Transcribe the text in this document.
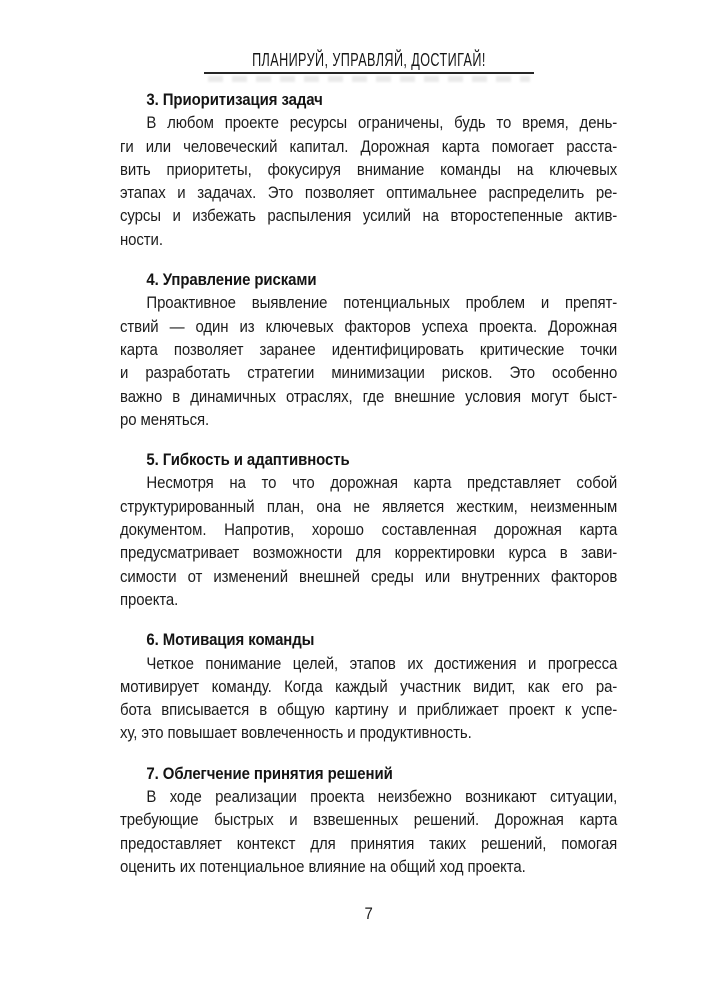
ПЛАНИРУЙ, УПРАВЛЯЙ, ДОСТИГАЙ!
3. Приоритизация задач
В любом проекте ресурсы ограничены, будь то время, день-
ги или человеческий капитал. Дорожная карта помогает расста-
вить приоритеты, фокусируя внимание команды на ключевых
этапах и задачах. Это позволяет оптимальнее распределить ре-
сурсы и избежать распыления усилий на второстепенные актив-
ности.
4. Управление рисками
Проактивное выявление потенциальных проблем и препят-
ствий — один из ключевых факторов успеха проекта. Дорожная
карта позволяет заранее идентифицировать критические точки
и разработать стратегии минимизации рисков. Это особенно
важно в динамичных отраслях, где внешние условия могут быст-
ро меняться.
5. Гибкость и адаптивность
Несмотря на то что дорожная карта представляет собой
структурированный план, она не является жестким, неизменным
документом. Напротив, хорошо составленная дорожная карта
предусматривает возможности для корректировки курса в зави-
симости от изменений внешней среды или внутренних факторов
проекта.
6. Мотивация команды
Четкое понимание целей, этапов их достижения и прогресса
мотивирует команду. Когда каждый участник видит, как его ра-
бота вписывается в общую картину и приближает проект к успе-
ху, это повышает вовлеченность и продуктивность.
7. Облегчение принятия решений
В ходе реализации проекта неизбежно возникают ситуации,
требующие быстрых и взвешенных решений. Дорожная карта
предоставляет контекст для принятия таких решений, помогая
оценить их потенциальное влияние на общий ход проекта.
7
